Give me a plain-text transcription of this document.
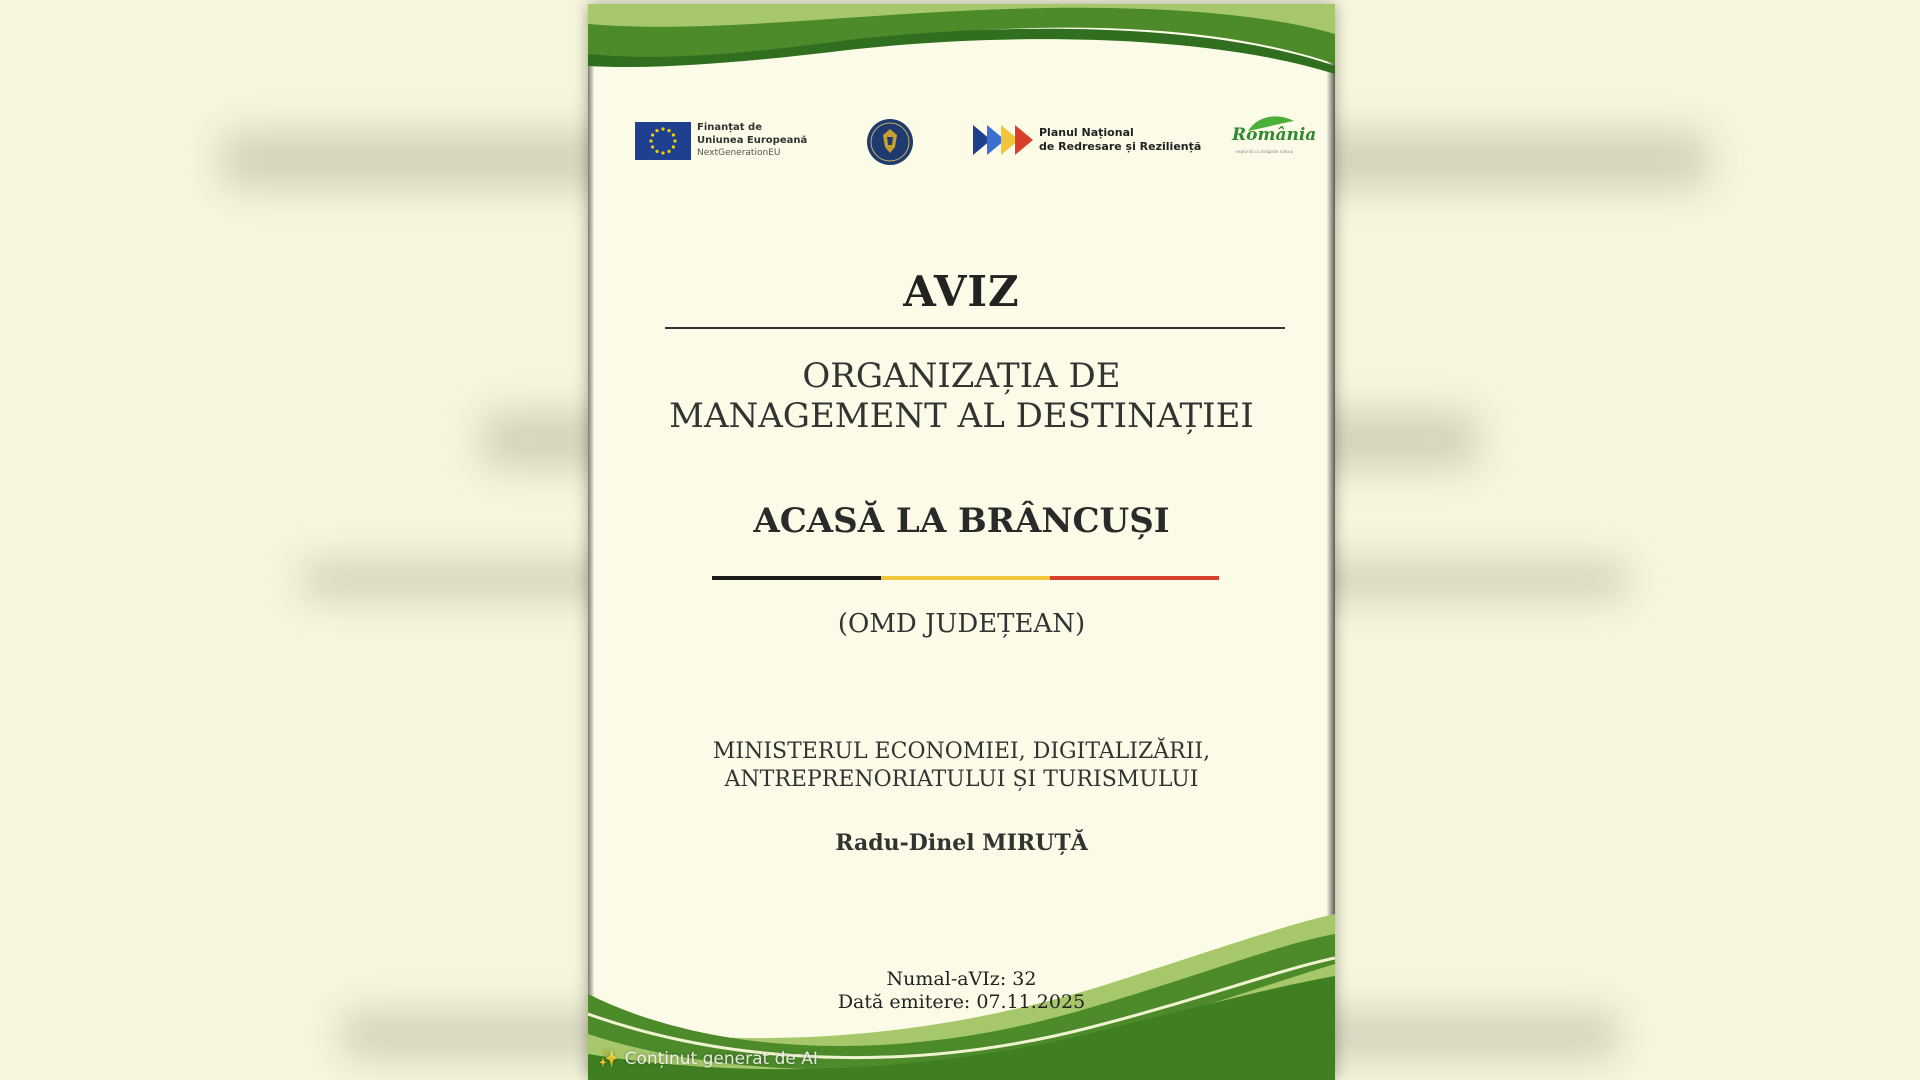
Finanțat de
Uniunea Europeană
NextGenerationEU
Planul Național
de Redresare și Reziliență
România
explorați cu dragoste natura
AVIZ
ORGANIZAȚIA DE
MANAGEMENT AL DESTINAȚIEI
ACASĂ LA BRÂNCUȘI
(OMD JUDEȚEAN)
MINISTERUL ECONOMIEI, DIGITALIZĂRII,
ANTREPRENORIATULUI ȘI TURISMULUI
Radu-Dinel MIRUȚĂ
Numal-aVIz: 32
Dată emitere: 07.11.2025
✨ Conținut generat de AI
